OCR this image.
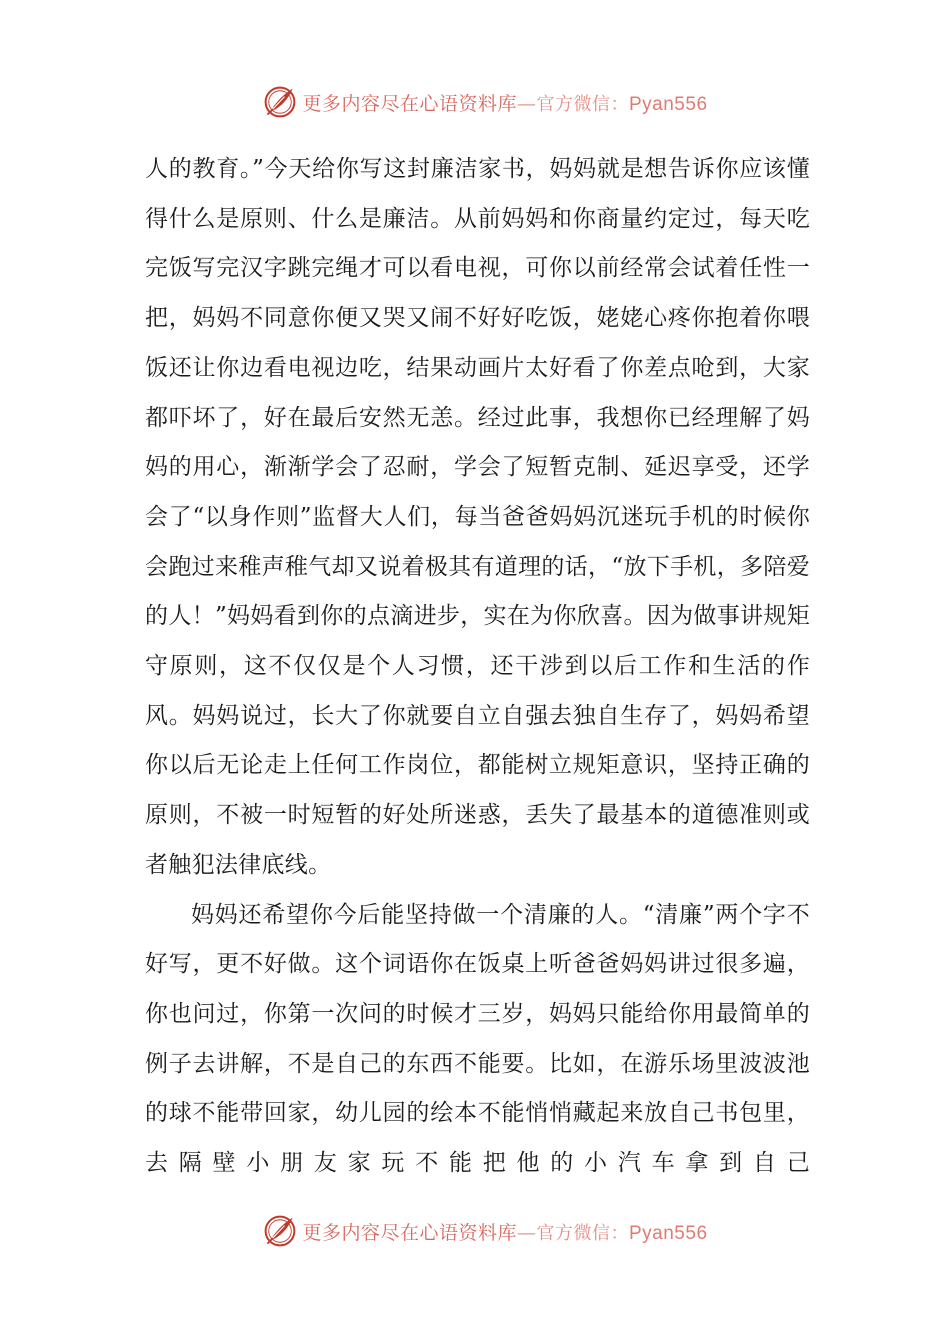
更多内容尽在心语资料库—官方微信：Pyan556

人的教育。”今天给你写这封廉洁家书，妈妈就是想告诉你应该懂得什么是原则、什么是廉洁。从前妈妈和你商量约定过，每天吃完饭写完汉字跳完绳才可以看电视，可你以前经常会试着任性一把，妈妈不同意你便又哭又闹不好好吃饭，姥姥心疼你抱着你喂饭还让你边看电视边吃，结果动画片太好看了你差点呛到，大家都吓坏了，好在最后安然无恙。经过此事，我想你已经理解了妈妈的用心，渐渐学会了忍耐，学会了短暂克制、延迟享受，还学会了“以身作则”监督大人们，每当爸爸妈妈沉迷玩手机的时候你会跑过来稚声稚气却又说着极其有道理的话，“放下手机，多陪爱的人！”妈妈看到你的点滴进步，实在为你欣喜。因为做事讲规矩守原则，这不仅仅是个人习惯，还干涉到以后工作和生活的作风。妈妈说过，长大了你就要自立自强去独自生存了，妈妈希望你以后无论走上任何工作岗位，都能树立规矩意识，坚持正确的原则，不被一时短暂的好处所迷惑，丢失了最基本的道德准则或者触犯法律底线。

妈妈还希望你今后能坚持做一个清廉的人。“清廉”两个字不好写，更不好做。这个词语你在饭桌上听爸爸妈妈讲过很多遍，你也问过，你第一次问的时候才三岁，妈妈只能给你用最简单的例子去讲解，不是自己的东西不能要。比如，在游乐场里波波池的球不能带回家，幼儿园的绘本不能悄悄藏起来放自己书包里，去隔壁小朋友家玩不能把他的小汽车拿到自己

更多内容尽在心语资料库—官方微信：Pyan556
